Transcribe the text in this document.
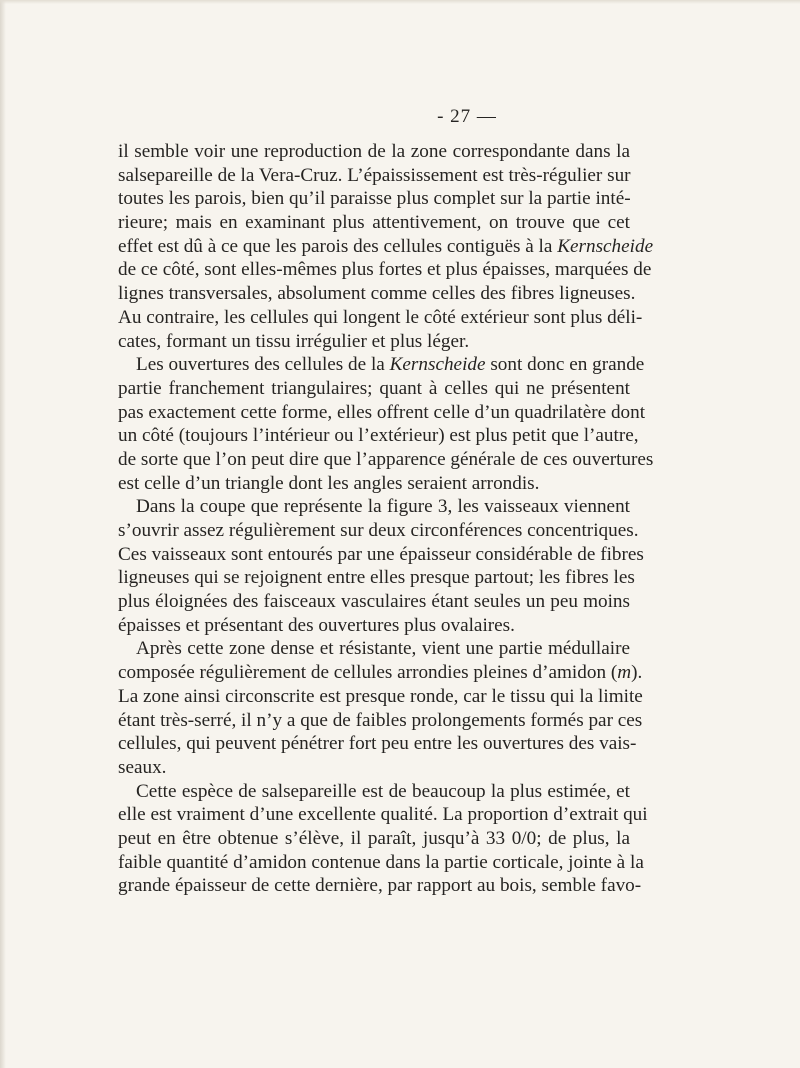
- 27 —
il semble voir une reproduction de la zone correspondante dans la
salsepareille de la Vera-Cruz. L’épaississement est très-régulier sur
toutes les parois, bien qu’il paraisse plus complet sur la partie inté-
rieure; mais en examinant plus attentivement, on trouve que cet
effet est dû à ce que les parois des cellules contiguës à la Kernscheide
de ce côté, sont elles-mêmes plus fortes et plus épaisses, marquées de
lignes transversales, absolument comme celles des fibres ligneuses.
Au contraire, les cellules qui longent le côté extérieur sont plus déli-
cates, formant un tissu irrégulier et plus léger.
Les ouvertures des cellules de la Kernscheide sont donc en grande
partie franchement triangulaires; quant à celles qui ne présentent
pas exactement cette forme, elles offrent celle d’un quadrilatère dont
un côté (toujours l’intérieur ou l’extérieur) est plus petit que l’autre,
de sorte que l’on peut dire que l’apparence générale de ces ouvertures
est celle d’un triangle dont les angles seraient arrondis.
Dans la coupe que représente la figure 3, les vaisseaux viennent
s’ouvrir assez régulièrement sur deux circonférences concentriques.
Ces vaisseaux sont entourés par une épaisseur considérable de fibres
ligneuses qui se rejoignent entre elles presque partout; les fibres les
plus éloignées des faisceaux vasculaires étant seules un peu moins
épaisses et présentant des ouvertures plus ovalaires.
Après cette zone dense et résistante, vient une partie médullaire
composée régulièrement de cellules arrondies pleines d’amidon (m).
La zone ainsi circonscrite est presque ronde, car le tissu qui la limite
étant très-serré, il n’y a que de faibles prolongements formés par ces
cellules, qui peuvent pénétrer fort peu entre les ouvertures des vais-
seaux.
Cette espèce de salsepareille est de beaucoup la plus estimée, et
elle est vraiment d’une excellente qualité. La proportion d’extrait qui
peut en être obtenue s’élève, il paraît, jusqu’à 33 0/0; de plus, la
faible quantité d’amidon contenue dans la partie corticale, jointe à la
grande épaisseur de cette dernière, par rapport au bois, semble favo-
